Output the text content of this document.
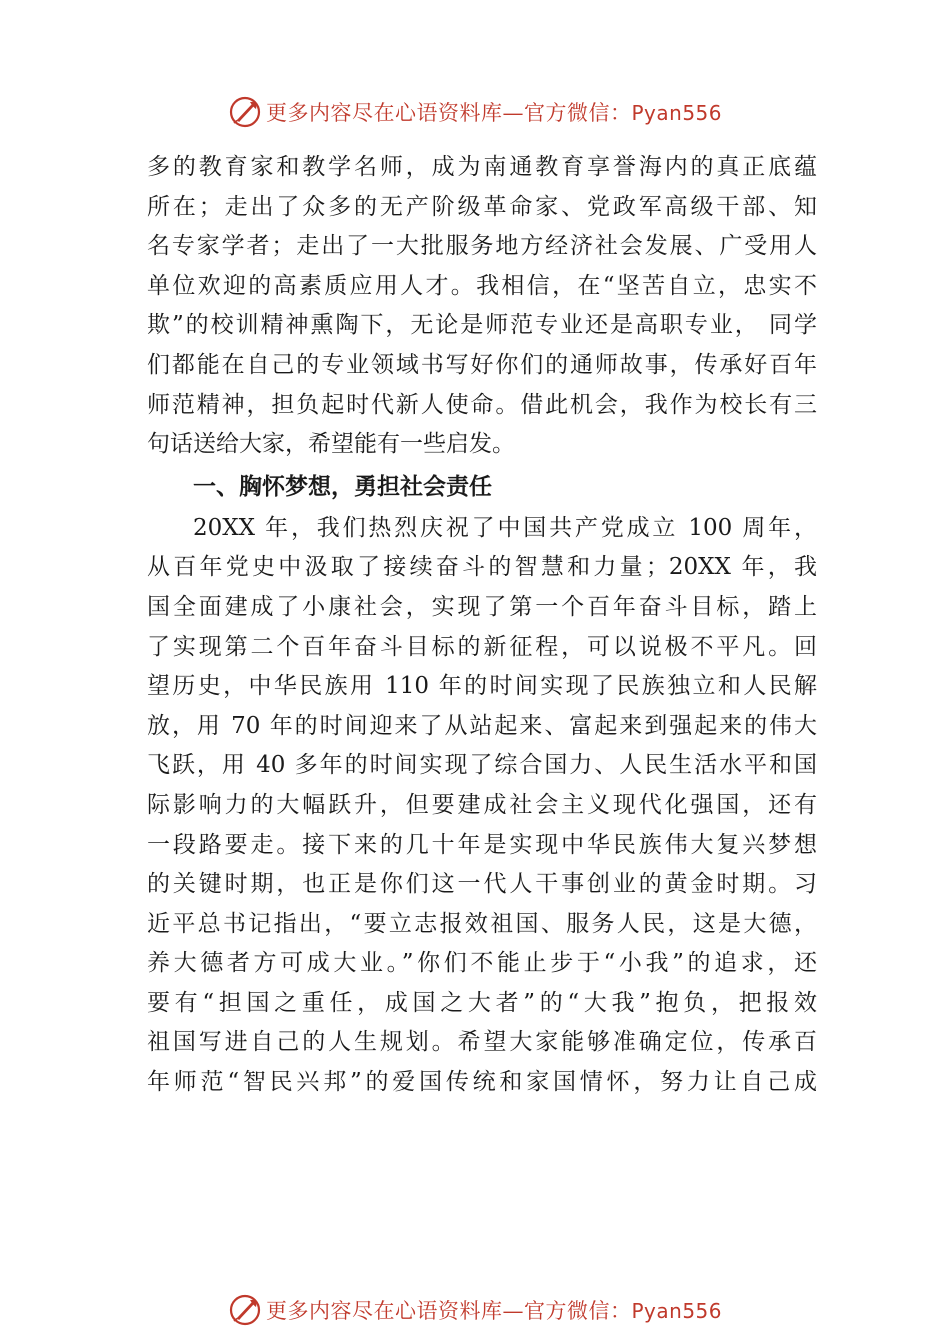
更多内容尽在心语资料库—官方微信：Pyan556
多的教育家和教学名师，成为南通教育享誉海内的真正底蕴
所在；走出了众多的无产阶级革命家、党政军高级干部、知
名专家学者；走出了一大批服务地方经济社会发展、广受用人
单位欢迎的高素质应用人才。我相信，在“坚苦自立，忠实不
欺”的校训精神熏陶下，无论是师范专业还是高职专业， 同学
们都能在自己的专业领域书写好你们的通师故事，传承好百年
师范精神，担负起时代新人使命。借此机会，我作为校长有三
句话送给大家，希望能有一些启发。
一、胸怀梦想，勇担社会责任
20XX 年，我们热烈庆祝了中国共产党成立 100 周年，
从百年党史中汲取了接续奋斗的智慧和力量；20XX 年，我
国全面建成了小康社会，实现了第一个百年奋斗目标，踏上
了实现第二个百年奋斗目标的新征程，可以说极不平凡。回
望历史，中华民族用 110 年的时间实现了民族独立和人民解
放，用 70 年的时间迎来了从站起来、富起来到强起来的伟大
飞跃，用 40 多年的时间实现了综合国力、人民生活水平和国
际影响力的大幅跃升，但要建成社会主义现代化强国，还有
一段路要走。接下来的几十年是实现中华民族伟大复兴梦想
的关键时期，也正是你们这一代人干事创业的黄金时期。习
近平总书记指出，“要立志报效祖国、服务人民，这是大德，
养大德者方可成大业。”你们不能止步于“小我”的追求，还
要有“担国之重任，成国之大者”的“大我”抱负，把报效
祖国写进自己的人生规划。希望大家能够准确定位，传承百
年师范“智民兴邦”的爱国传统和家国情怀，努力让自己成
更多内容尽在心语资料库—官方微信：Pyan556
